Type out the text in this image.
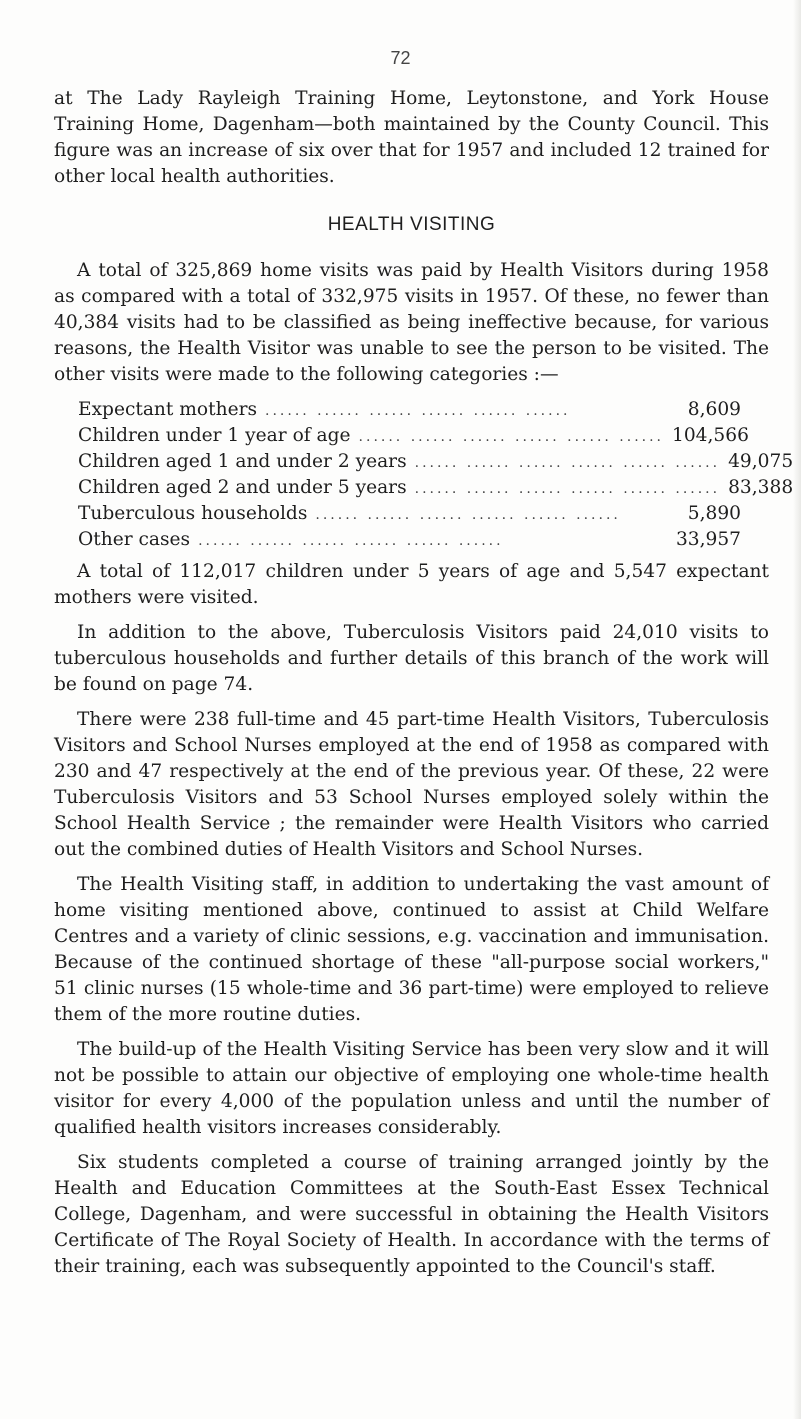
72

at The Lady Rayleigh Training Home, Leytonstone, and York House Training Home, Dagenham—both maintained by the County Council. This figure was an increase of six over that for 1957 and included 12 trained for other local health authorities.

HEALTH VISITING

A total of 325,869 home visits was paid by Health Visitors during 1958 as compared with a total of 332,975 visits in 1957. Of these, no fewer than 40,384 visits had to be classified as being ineffective because, for various reasons, the Health Visitor was unable to see the person to be visited. The other visits were made to the following categories :—

Expectant mothers ...... ...... ...... ...... ...... ......	8,609
Children under 1 year of age ...... ...... ...... ...... ...... ...... 104,566
Children aged 1 and under 2 years ...... ...... ...... ...... ...... ...... 49,075
Children aged 2 and under 5 years ...... ...... ...... ...... ...... ...... 83,388
Tuberculous households ...... ...... ...... ...... ...... ......	5,890
Other cases ...... ...... ...... ...... ...... ......	33,957

A total of 112,017 children under 5 years of age and 5,547 expectant mothers were visited.

In addition to the above, Tuberculosis Visitors paid 24,010 visits to tuberculous households and further details of this branch of the work will be found on page 74.

There were 238 full-time and 45 part-time Health Visitors, Tuberculosis Visitors and School Nurses employed at the end of 1958 as compared with 230 and 47 respectively at the end of the previous year. Of these, 22 were Tuberculosis Visitors and 53 School Nurses employed solely within the School Health Service ; the remainder were Health Visitors who carried out the combined duties of Health Visitors and School Nurses.

The Health Visiting staff, in addition to undertaking the vast amount of home visiting mentioned above, continued to assist at Child Welfare Centres and a variety of clinic sessions, e.g. vaccination and immunisation. Because of the continued shortage of these "all-purpose social workers," 51 clinic nurses (15 whole-time and 36 part-time) were employed to relieve them of the more routine duties.

The build-up of the Health Visiting Service has been very slow and it will not be possible to attain our objective of employing one whole-time health visitor for every 4,000 of the population unless and until the number of qualified health visitors increases considerably.

Six students completed a course of training arranged jointly by the Health and Education Committees at the South-East Essex Technical College, Dagenham, and were successful in obtaining the Health Visitors Certificate of The Royal Society of Health. In accordance with the terms of their training, each was subsequently appointed to the Council's staff.
